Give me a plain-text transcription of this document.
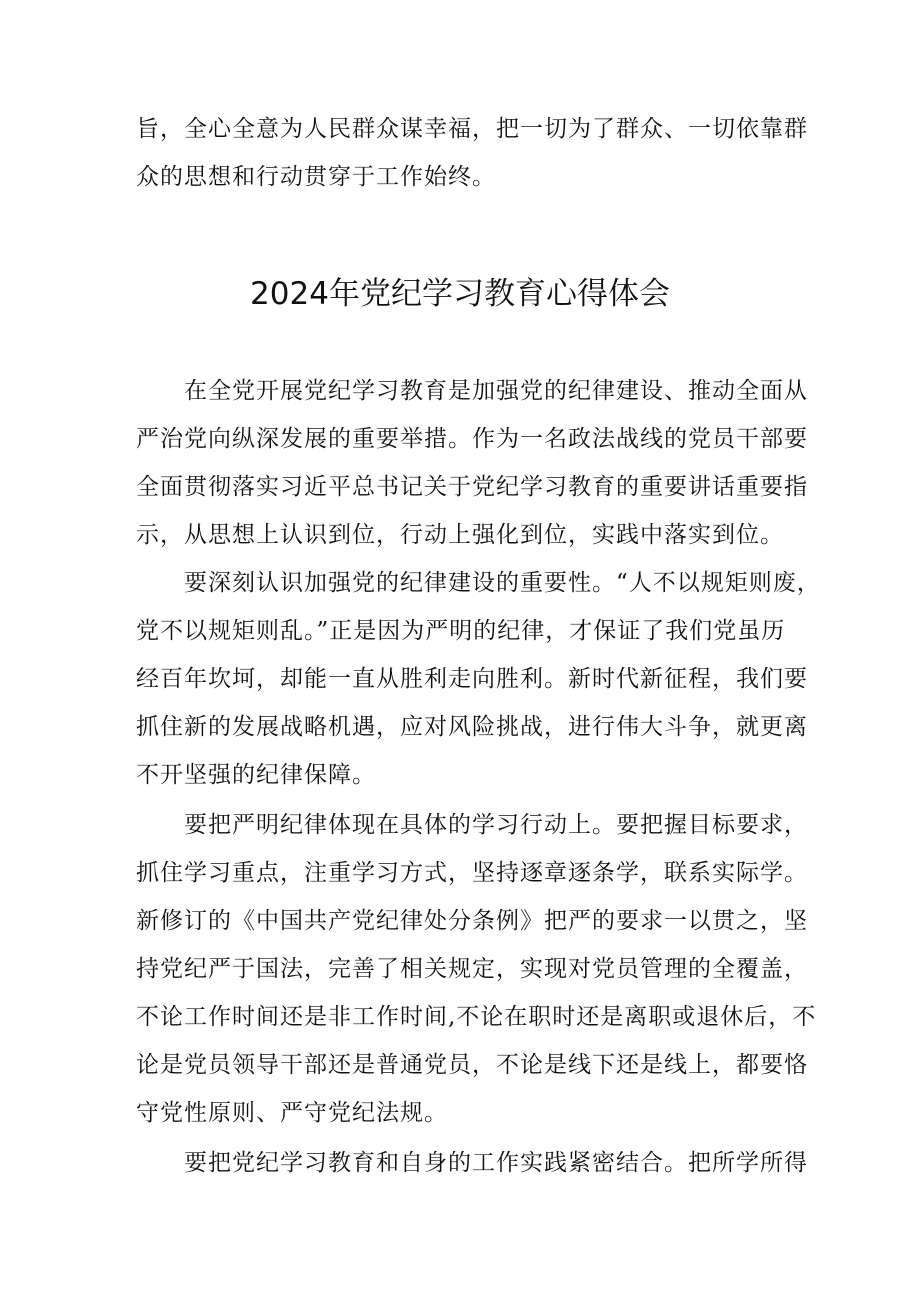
旨，全心全意为人民群众谋幸福，把一切为了群众、一切依靠群
众的思想和行动贯穿于工作始终。
2024年党纪学习教育心得体会
　　在全党开展党纪学习教育是加强党的纪律建设、推动全面从
严治党向纵深发展的重要举措。作为一名政法战线的党员干部要
全面贯彻落实习近平总书记关于党纪学习教育的重要讲话重要指
示，从思想上认识到位，行动上强化到位，实践中落实到位。
　　要深刻认识加强党的纪律建设的重要性。“人不以规矩则废，
党不以规矩则乱。”正是因为严明的纪律，才保证了我们党虽历
经百年坎坷，却能一直从胜利走向胜利。新时代新征程，我们要
抓住新的发展战略机遇，应对风险挑战，进行伟大斗争，就更离
不开坚强的纪律保障。
　　要把严明纪律体现在具体的学习行动上。要把握目标要求，
抓住学习重点，注重学习方式，坚持逐章逐条学，联系实际学。
新修订的《中国共产党纪律处分条例》把严的要求一以贯之，坚
持党纪严于国法，完善了相关规定，实现对党员管理的全覆盖，
不论工作时间还是非工作时间,不论在职时还是离职或退休后，不
论是党员领导干部还是普通党员，不论是线下还是线上，都要恪
守党性原则、严守党纪法规。
　　要把党纪学习教育和自身的工作实践紧密结合。把所学所得
